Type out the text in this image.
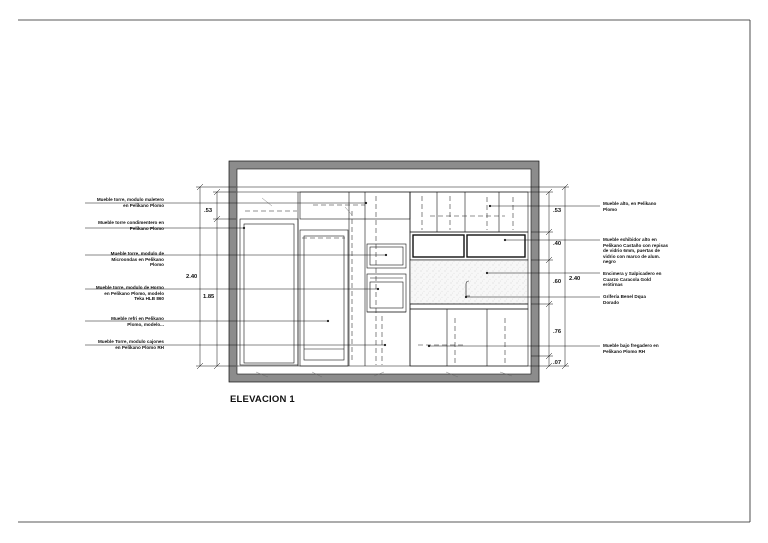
Mueble torre, modulo maletero
en Pelikano Plomo
Mueble torre condimentero en
Pelikano Plomo
Mueble torre, modulo de
Microondas en Pelikano
Plomo
Mueble torre, modulo de Horno
en Pelikano Plomo, modelo
Teka HLB 860
Mueble refri en Pelikano
Plomo, modelo...
Mueble Torre, modulo cajones
en Pelikano Plomo RH
Mueble alto, en Pelikano
Plomo
Mueble exhibidor alto en
Pelikano Castaño con repisas
de vidrio 6mm, puertas de
vidrio con marco de alum.
negro
Encimera y Salpicadero en
Cuarzo Caracola Gold
erótirnas
Grifería Benel Dqua
Dorado
Mueble bajo fregadero en
Pelikano Plomo RH
.53
2.40
1.85
.53
.40
.60 2.40
.76
.07
ELEVACION 1
